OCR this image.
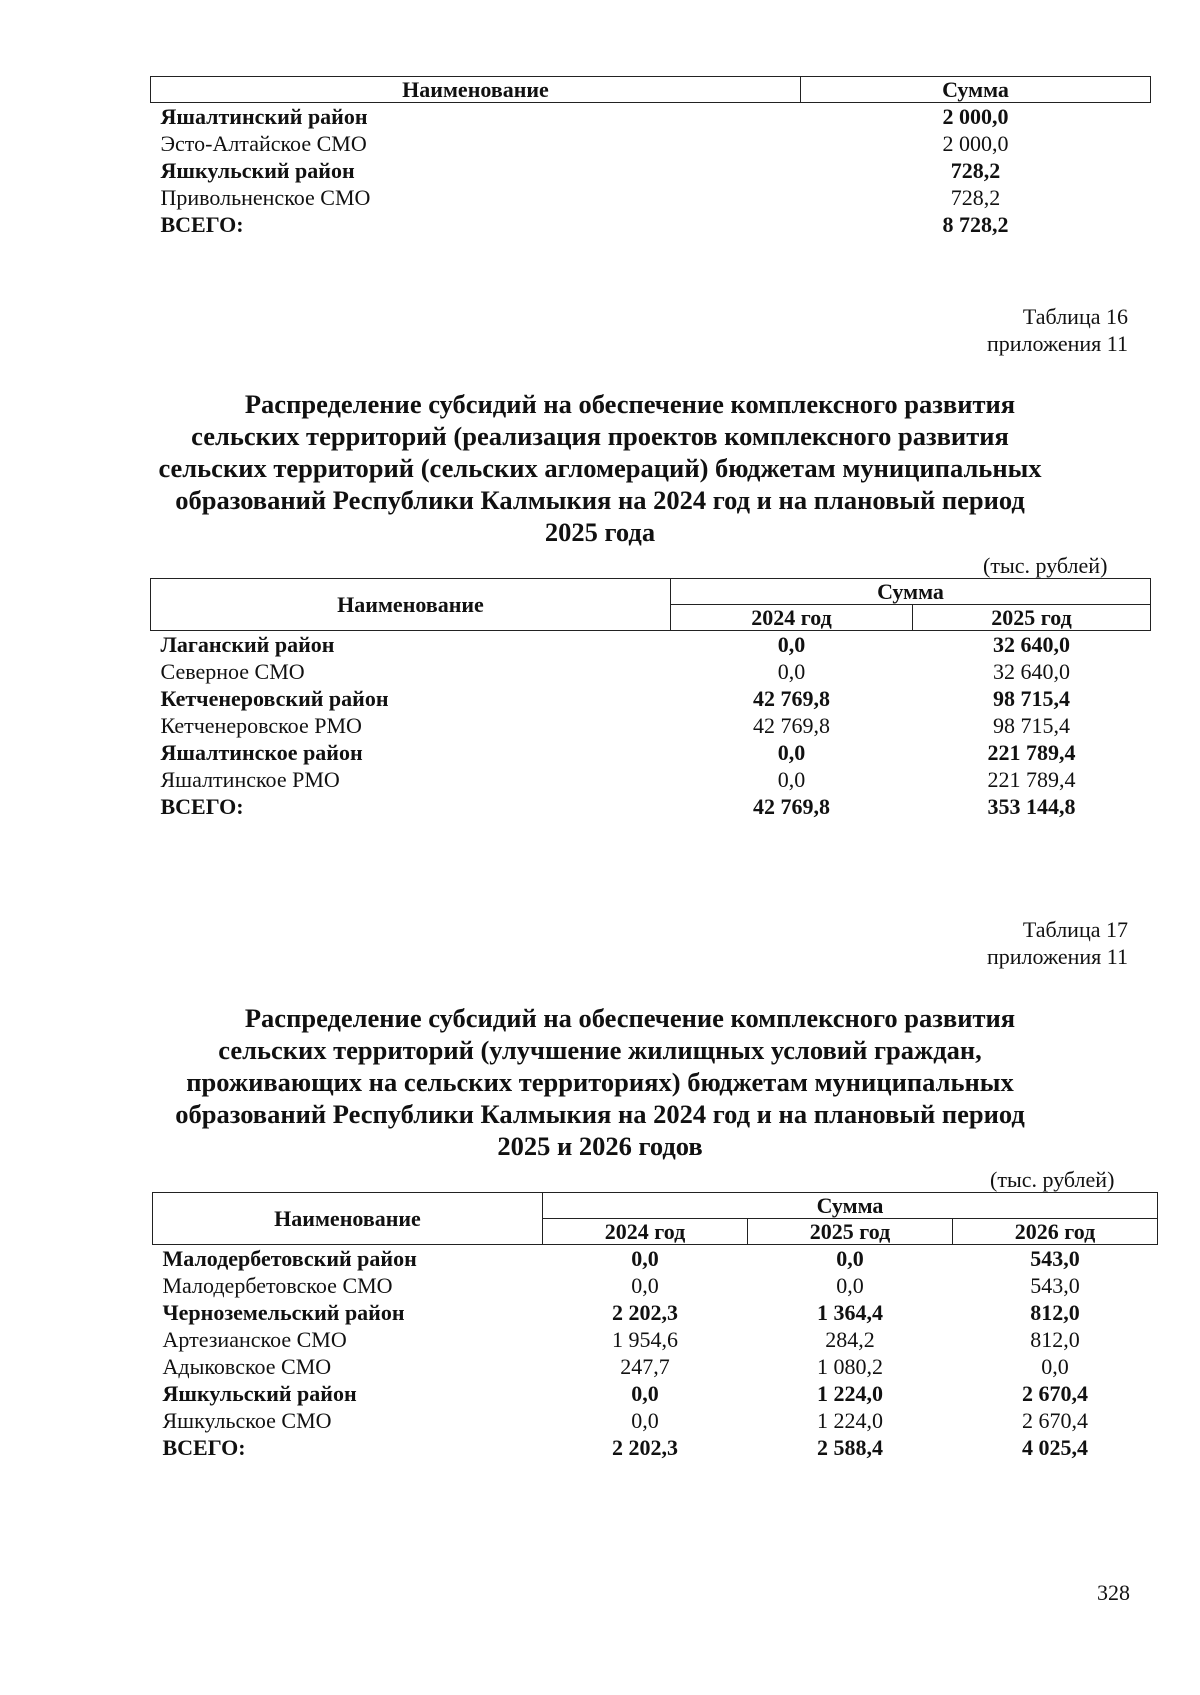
Наименование	Сумма
Яшалтинский район	2 000,0
Эсто-Алтайское СМО	2 000,0
Яшкульский район	728,2
Привольненское СМО	728,2
ВСЕГО:	8 728,2
Таблица 16
приложения 11
Распределение субсидий на обеспечение комплексного развития
сельских территорий (реализация проектов комплексного развития
сельских территорий (сельских агломераций) бюджетам муниципальных
образований Республики Калмыкия на 2024 год и на плановый период
2025 года
(тыс. рублей)
Наименование	Сумма	
	2024 год	2025 год
Лаганский район	0,0	32 640,0
Северное СМО	0,0	32 640,0
Кетченеровский район	42 769,8	98 715,4
Кетченеровское РМО	42 769,8	98 715,4
Яшалтинское район	0,0	221 789,4
Яшалтинское РМО	0,0	221 789,4
ВСЕГО:	42 769,8	353 144,8
Таблица 17
приложения 11
Распределение субсидий на обеспечение комплексного развития
сельских территорий (улучшение жилищных условий граждан,
проживающих на сельских территориях) бюджетам муниципальных
образований Республики Калмыкия на 2024 год и на плановый период
2025 и 2026 годов
(тыс. рублей)
Наименование	Сумма		
	2024 год	2025 год	2026 год
Малодербетовский район	0,0	0,0	543,0
Малодербетовское СМО	0,0	0,0	543,0
Черноземельский район	2 202,3	1 364,4	812,0
Артезианское СМО	1 954,6	284,2	812,0
Адыковское СМО	247,7	1 080,2	0,0
Яшкульский район	0,0	1 224,0	2 670,4
Яшкульское СМО	0,0	1 224,0	2 670,4
ВСЕГО:	2 202,3	2 588,4	4 025,4
328
